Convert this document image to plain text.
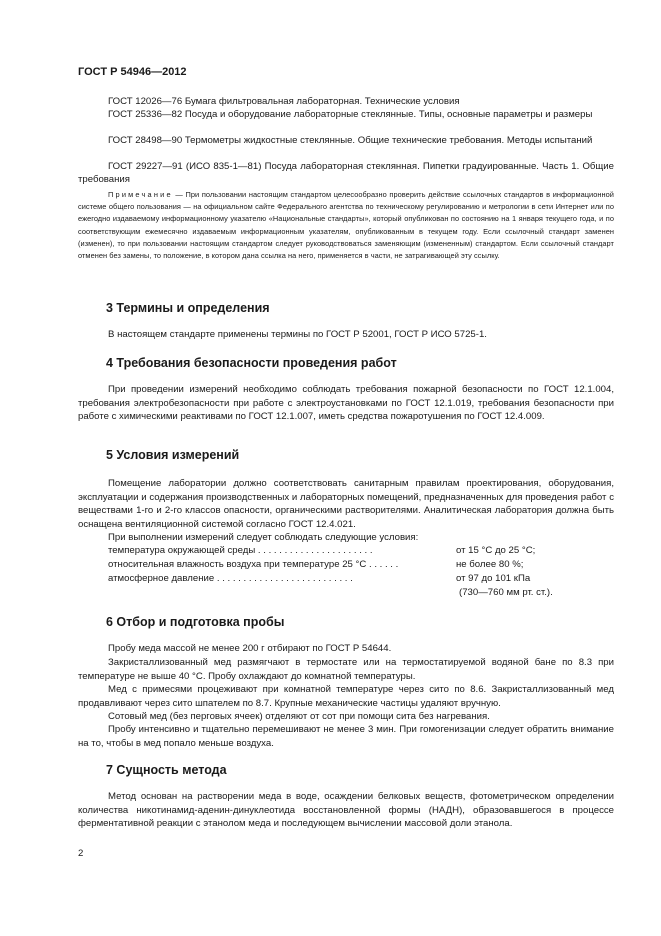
ГОСТ Р 54946—2012
ГОСТ 12026—76 Бумага фильтровальная лабораторная. Технические условия
ГОСТ 25336—82 Посуда и оборудование лабораторные стеклянные. Типы, основные параметры и размеры
ГОСТ 28498—90 Термометры жидкостные стеклянные. Общие технические требования. Методы испытаний
ГОСТ 29227—91 (ИСО 835-1—81) Посуда лабораторная стеклянная. Пипетки градуированные. Часть 1. Общие требования
Примечание — При пользовании настоящим стандартом целесообразно проверить действие ссылочных стандартов в информационной системе общего пользования — на официальном сайте Федерального агентства по техническому регулированию и метрологии в сети Интернет или по ежегодно издаваемому информационному указателю «Национальные стандарты», который опубликован по состоянию на 1 января текущего года, и по соответствующим ежемесячно издаваемым информационным указателям, опубликованным в текущем году. Если ссылочный стандарт заменен (изменен), то при пользовании настоящим стандартом следует руководствоваться заменяющим (измененным) стандартом. Если ссылочный стандарт отменен без замены, то положение, в котором дана ссылка на него, применяется в части, не затрагивающей эту ссылку.
3 Термины и определения
В настоящем стандарте применены термины по ГОСТ Р 52001, ГОСТ Р ИСО 5725-1.
4 Требования безопасности проведения работ
При проведении измерений необходимо соблюдать требования пожарной безопасности по ГОСТ 12.1.004, требования электробезопасности при работе с электроустановками по ГОСТ 12.1.019, требования безопасности при работе с химическими реактивами по ГОСТ 12.1.007, иметь средства пожаротушения по ГОСТ 12.4.009.
5 Условия измерений
Помещение лаборатории должно соответствовать санитарным правилам проектирования, оборудования, эксплуатации и содержания производственных и лабораторных помещений, предназначенных для проведения работ с веществами 1-го и 2-го классов опасности, органическими растворителями. Аналитическая лаборатория должна быть оснащена вентиляционной системой согласно ГОСТ 12.4.021.
При выполнении измерений следует соблюдать следующие условия:
температура окружающей среды . . . . . . . . . . . . . . . . . . . . . .	от 15 °С до 25 °С;
относительная влажность воздуха при температуре 25 °С . . . . . .	не более 80 %;
атмосферное давление . . . . . . . . . . . . . . . . . . . . . . . . . .	от 97 до 101 кПа
(730—760 мм рт. ст.).
6 Отбор и подготовка пробы
Пробу меда массой не менее 200 г отбирают по ГОСТ Р 54644.
Закристаллизованный мед размягчают в термостате или на термостатируемой водяной бане по 8.3 при температуре не выше 40 °С. Пробу охлаждают до комнатной температуры.
Мед с примесями процеживают при комнатной температуре через сито по 8.6. Закристаллизованный мед продавливают через сито шпателем по 8.7. Крупные механические частицы удаляют вручную.
Сотовый мед (без перговых ячеек) отделяют от сот при помощи сита без нагревания.
Пробу интенсивно и тщательно перемешивают не менее 3 мин. При гомогенизации следует обратить внимание на то, чтобы в мед попало меньше воздуха.
7 Сущность метода
Метод основан на растворении меда в воде, осаждении белковых веществ, фотометрическом определении количества никотинамид-аденин-динуклеотида восстановленной формы (НАДН), образовавшегося в процессе ферментативной реакции с этанолом меда и последующем вычислении массовой доли этанола.
2
